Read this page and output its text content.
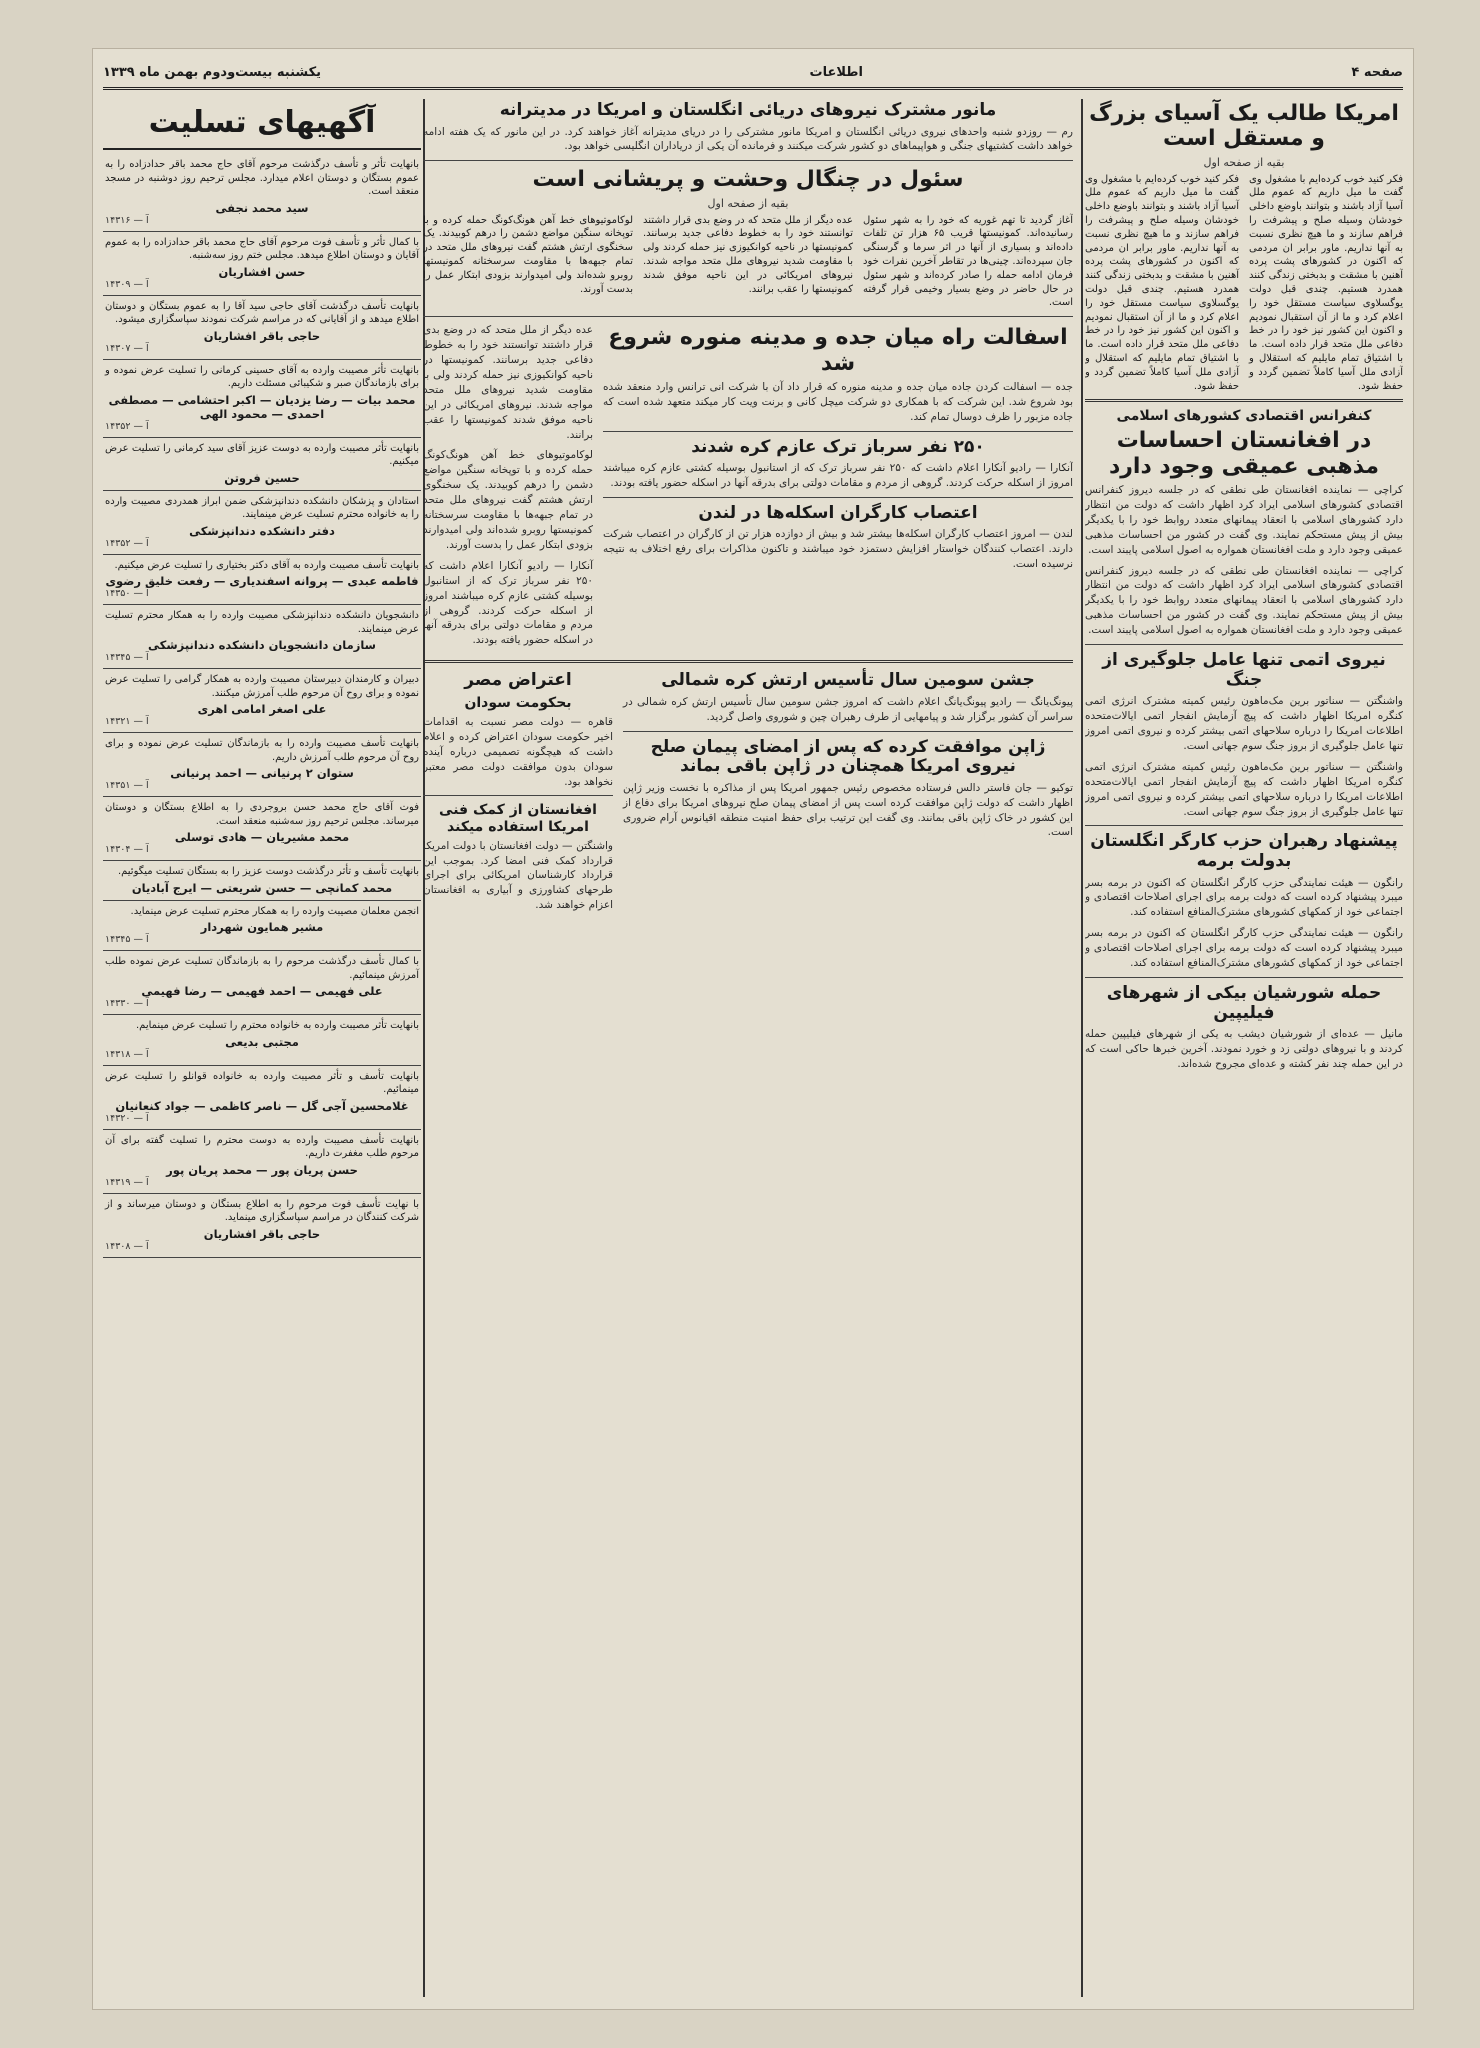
صفحه ۴
اطلاعات
یکشنبه بیست‌ودوم بهمن ماه ۱۳۳۹
امریکا طالب یک آسیای بزرگ و مستقل است
بقیه از صفحه اول
فکر کنید خوب کرده‌ایم با مشغول وی گفت ما میل داریم که عموم ملل آسیا آزاد باشند و بتوانند باوضع داخلی خودشان وسیله صلح و پیشرفت را فراهم سازند و ما هیچ نظری نسبت به آنها نداریم. ماور برابر ان مردمی که اکنون در کشورهای پشت پرده آهنین با مشقت و بدبختی زندگی کنند همدرد هستیم. چندی قبل دولت یوگسلاوی سیاست مستقل خود را اعلام کرد و ما از آن استقبال نمودیم و اکنون این کشور نیز خود را در خط دفاعی ملل متحد قرار داده است. ما با اشتیاق تمام مایلیم که استقلال و آزادی ملل آسیا کاملاً تضمین گردد و حفظ شود.
فکر کنید خوب کرده‌ایم با مشغول وی گفت ما میل داریم که عموم ملل آسیا آزاد باشند و بتوانند باوضع داخلی خودشان وسیله صلح و پیشرفت را فراهم سازند و ما هیچ نظری نسبت به آنها نداریم. ماور برابر ان مردمی که اکنون در کشورهای پشت پرده آهنین با مشقت و بدبختی زندگی کنند همدرد هستیم. چندی قبل دولت یوگسلاوی سیاست مستقل خود را اعلام کرد و ما از آن استقبال نمودیم و اکنون این کشور نیز خود را در خط دفاعی ملل متحد قرار داده است. ما با اشتیاق تمام مایلیم که استقلال و آزادی ملل آسیا کاملاً تضمین گردد و حفظ شود.
کنفرانس اقتصادی کشورهای اسلامی
در افغانستان احساسات مذهبی عمیقی وجود دارد
کراچی — نماینده افغانستان طی نطقی که در جلسه دیروز کنفرانس اقتصادی کشورهای اسلامی ایراد کرد اظهار داشت که دولت من انتظار دارد کشورهای اسلامی با انعقاد پیمانهای متعدد روابط خود را با یکدیگر بیش از پیش مستحکم نمایند. وی گفت در کشور من احساسات مذهبی عمیقی وجود دارد و ملت افغانستان همواره به اصول اسلامی پایبند است.
کراچی — نماینده افغانستان طی نطقی که در جلسه دیروز کنفرانس اقتصادی کشورهای اسلامی ایراد کرد اظهار داشت که دولت من انتظار دارد کشورهای اسلامی با انعقاد پیمانهای متعدد روابط خود را با یکدیگر بیش از پیش مستحکم نمایند. وی گفت در کشور من احساسات مذهبی عمیقی وجود دارد و ملت افغانستان همواره به اصول اسلامی پایبند است.
نیروی اتمی تنها عامل جلوگیری از جنگ
واشنگتن — سناتور برین مک‌ماهون رئیس کمیته مشترک انرژی اتمی کنگره امریکا اظهار داشت که پیچ آزمایش انفجار اتمی ایالات‌متحده اطلاعات امریکا را درباره سلاحهای اتمی بیشتر کرده و نیروی اتمی امروز تنها عامل جلوگیری از بروز جنگ سوم جهانی است.
واشنگتن — سناتور برین مک‌ماهون رئیس کمیته مشترک انرژی اتمی کنگره امریکا اظهار داشت که پیچ آزمایش انفجار اتمی ایالات‌متحده اطلاعات امریکا را درباره سلاحهای اتمی بیشتر کرده و نیروی اتمی امروز تنها عامل جلوگیری از بروز جنگ سوم جهانی است.
پیشنهاد رهبران حزب کارگر انگلستان بدولت برمه
رانگون — هیئت نمایندگی حزب کارگر انگلستان که اکنون در برمه بسر میبرد پیشنهاد کرده است که دولت برمه برای اجرای اصلاحات اقتصادی و اجتماعی خود از کمکهای کشورهای مشترک‌المنافع استفاده کند.
رانگون — هیئت نمایندگی حزب کارگر انگلستان که اکنون در برمه بسر میبرد پیشنهاد کرده است که دولت برمه برای اجرای اصلاحات اقتصادی و اجتماعی خود از کمکهای کشورهای مشترک‌المنافع استفاده کند.
حمله شورشیان بیکی از شهرهای فیلیپین
مانیل — عده‌ای از شورشیان دیشب به یکی از شهرهای فیلیپین حمله کردند و با نیروهای دولتی زد و خورد نمودند. آخرین خبرها حاکی است که در این حمله چند نفر کشته و عده‌ای مجروح شده‌اند.
مانور مشترک نیروهای دریائی انگلستان و امریکا در مدیترانه
رم — روزدو شنبه واحدهای نیروی دریائی انگلستان و امریکا مانور مشترکی را در دریای مدیترانه آغاز خواهند کرد. در این مانور که یک هفته ادامه خواهد داشت کشتیهای جنگی و هواپیماهای دو کشور شرکت میکنند و فرمانده آن یکی از دریاداران انگلیسی خواهد بود.
سئول در چنگال وحشت و پریشانی است
بقیه از صفحه اول
آغاز گردید تا تهم غوریه که خود را به شهر سئول رسانیده‌اند. کمونیستها قریب ۶۵ هزار تن تلفات داده‌اند و بسیاری از آنها در اثر سرما و گرسنگی جان سپرده‌اند. چینی‌ها در تقاطر آخرین نفرات خود فرمان ادامه حمله را صادر کرده‌اند و شهر سئول در حال حاضر در وضع بسیار وخیمی قرار گرفته است.
عده دیگر از ملل متحد که در وضع بدی قرار داشتند توانستند خود را به خطوط دفاعی جدید برسانند. کمونیستها در ناحیه کوانکیوزی نیز حمله کردند ولی با مقاومت شدید نیروهای ملل متحد مواجه شدند. نیروهای امریکائی در این ناحیه موفق شدند کمونیستها را عقب برانند.
لوکاموتیوهای خط آهن هونگ‌کونگ حمله کرده و با توپخانه سنگین مواضع دشمن را درهم کوبیدند. یک سخنگوی ارتش هشتم گفت نیروهای ملل متحد در تمام جبهه‌ها با مقاومت سرسختانه کمونیستها روبرو شده‌اند ولی امیدوارند بزودی ابتکار عمل را بدست آورند.
اسفالت راه میان جده و مدینه منوره شروع شد
جده — اسفالت کردن جاده میان جده و مدینه منوره که قرار داد آن با شرکت انی ترانس وارد منعقد شده بود شروع شد. این شرکت که با همکاری دو شرکت میچل کانی و برنت ویت کار میکند متعهد شده است که جاده مزبور را ظرف دوسال تمام کند.
۲۵۰ نفر سرباز ترک عازم کره شدند
آنکارا — رادیو آنکارا اعلام داشت که ۲۵۰ نفر سرباز ترک که از استانبول بوسیله کشتی عازم کره میباشند امروز از اسکله حرکت کردند. گروهی از مردم و مقامات دولتی برای بدرقه آنها در اسکله حضور یافته بودند.
اعتصاب کارگران اسکله‌ها در لندن
لندن — امروز اعتصاب کارگران اسکله‌ها بیشتر شد و بیش از دوازده هزار تن از کارگران در اعتصاب شرکت دارند. اعتصاب کنندگان خواستار افزایش دستمزد خود میباشند و تاکنون مذاکرات برای رفع اختلاف به نتیجه نرسیده است.
عده دیگر از ملل متحد که در وضع بدی قرار داشتند توانستند خود را به خطوط دفاعی جدید برسانند. کمونیستها در ناحیه کوانکیوزی نیز حمله کردند ولی با مقاومت شدید نیروهای ملل متحد مواجه شدند. نیروهای امریکائی در این ناحیه موفق شدند کمونیستها را عقب برانند.
لوکاموتیوهای خط آهن هونگ‌کونگ حمله کرده و با توپخانه سنگین مواضع دشمن را درهم کوبیدند. یک سخنگوی ارتش هشتم گفت نیروهای ملل متحد در تمام جبهه‌ها با مقاومت سرسختانه کمونیستها روبرو شده‌اند ولی امیدوارند بزودی ابتکار عمل را بدست آورند.
آنکارا — رادیو آنکارا اعلام داشت که ۲۵۰ نفر سرباز ترک که از استانبول بوسیله کشتی عازم کره میباشند امروز از اسکله حرکت کردند. گروهی از مردم و مقامات دولتی برای بدرقه آنها در اسکله حضور یافته بودند.
جشن سومین سال تأسیس ارتش کره شمالی
پیونگ‌یانگ — رادیو پیونگ‌یانگ اعلام داشت که امروز جشن سومین سال تأسیس ارتش کره شمالی در سراسر آن کشور برگزار شد و پیامهایی از طرف رهبران چین و شوروی واصل گردید.
ژاپن موافقت کرده که پس از امضای پیمان صلح نیروی امریکا همچنان در ژاپن باقی بماند
توکیو — جان فاستر دالس فرستاده مخصوص رئیس جمهور امریکا پس از مذاکره با نخست وزیر ژاپن اظهار داشت که دولت ژاپن موافقت کرده است پس از امضای پیمان صلح نیروهای امریکا برای دفاع از این کشور در خاک ژاپن باقی بمانند. وی گفت این ترتیب برای حفظ امنیت منطقه اقیانوس آرام ضروری است.
اعتراض مصر
بحکومت سودان
قاهره — دولت مصر نسبت به اقدامات اخیر حکومت سودان اعتراض کرده و اعلام داشت که هیچگونه تصمیمی درباره آینده سودان بدون موافقت دولت مصر معتبر نخواهد بود.
افغانستان از کمک فنی امریکا استفاده میکند
واشنگتن — دولت افغانستان با دولت امریکا قرارداد کمک فنی امضا کرد. بموجب این قرارداد کارشناسان امریکائی برای اجرای طرحهای کشاورزی و آبیاری به افغانستان اعزام خواهند شد.
آگهیهای تسلیت
بانهایت تأثر و تأسف درگذشت مرحوم آقای حاج محمد باقر حدادزاده را به عموم بستگان و دوستان اعلام میدارد. مجلس ترحیم روز دوشنبه در مسجد منعقد است.
سید محمد نجفی
آ — ۱۴۳۱۶
با کمال تأثر و تأسف فوت مرحوم آقای حاج محمد باقر حدادزاده را به عموم آقایان و دوستان اطلاع میدهد. مجلس ختم روز سه‌شنبه.
حسن افشاریان
آ — ۱۴۳۰۹
بانهایت تأسف درگذشت آقای حاجی سید آقا را به عموم بستگان و دوستان اطلاع میدهد و از آقایانی که در مراسم شرکت نمودند سپاسگزاری میشود.
حاجی باقر افشاریان
آ — ۱۴۳۰۷
بانهایت تأثر مصیبت وارده به آقای حسینی کرمانی را تسلیت عرض نموده و برای بازماندگان صبر و شکیبائی مسئلت داریم.
محمد بیات — رضا یزدیان — اکبر احتشامی — مصطفی احمدی — محمود الهی
آ — ۱۴۳۵۲
بانهایت تأثر مصیبت وارده به دوست عزیز آقای سید کرمانی را تسلیت عرض میکنیم.
حسین فروتن
استادان و پزشکان دانشکده دندانپزشکی ضمن ابراز همدردی مصیبت وارده را به خانواده محترم تسلیت عرض مینمایند.
دفتر دانشکده دندانپزشکی
آ — ۱۴۳۵۲
بانهایت تأسف مصیبت وارده به آقای دکتر بختیاری را تسلیت عرض میکنیم.
فاطمه عبدی — پروانه اسفندیاری — رفعت خلیق رضوی
آ — ۱۴۳۵۰
دانشجویان دانشکده دندانپزشکی مصیبت وارده را به همکار محترم تسلیت عرض مینمایند.
سازمان دانشجویان دانشکده دندانپزشکی
آ — ۱۴۳۴۵
دبیران و کارمندان دبیرستان مصیبت وارده به همکار گرامی را تسلیت عرض نموده و برای روح آن مرحوم طلب آمرزش میکنند.
علی اصغر امامی اهری
آ — ۱۴۳۲۱
بانهایت تأسف مصیبت وارده را به بازماندگان تسلیت عرض نموده و برای روح آن مرحوم طلب آمرزش داریم.
ستوان ۲ پرنیانی — احمد پرنیانی
آ — ۱۴۳۵۱
فوت آقای حاج محمد حسن بروجردی را به اطلاع بستگان و دوستان میرساند. مجلس ترحیم روز سه‌شنبه منعقد است.
محمد مشیریان — هادی توسلی
آ — ۱۴۳۰۴
بانهایت تأسف و تأثر درگذشت دوست عزیز را به بستگان تسلیت میگوئیم.
محمد کمانچی — حسن شریعتی — ایرج آبادیان
انجمن معلمان مصیبت وارده را به همکار محترم تسلیت عرض مینماید.
مشیر همایون شهردار
آ — ۱۴۳۴۵
با کمال تأسف درگذشت مرحوم را به بازماندگان تسلیت عرض نموده طلب آمرزش مینمائیم.
علی فهیمی — احمد فهیمی — رضا فهیمی
آ — ۱۴۳۳۰
بانهایت تأثر مصیبت وارده به خانواده محترم را تسلیت عرض مینمایم.
مجتبی بدیعی
آ — ۱۴۳۱۸
بانهایت تأسف و تأثر مصیبت وارده به خانواده قوانلو را تسلیت عرض مینمائیم.
غلامحسین آجی گل — ناصر کاظمی — جواد کنعانیان
آ — ۱۴۳۲۰
بانهایت تأسف مصیبت وارده به دوست محترم را تسلیت گفته برای آن مرحوم طلب مغفرت داریم.
حسن پریان پور — محمد پریان پور
آ — ۱۴۳۱۹
با نهایت تأسف فوت مرحوم را به اطلاع بستگان و دوستان میرساند و از شرکت کنندگان در مراسم سپاسگزاری مینماید.
حاجی باقر افشاریان
آ — ۱۴۳۰۸
